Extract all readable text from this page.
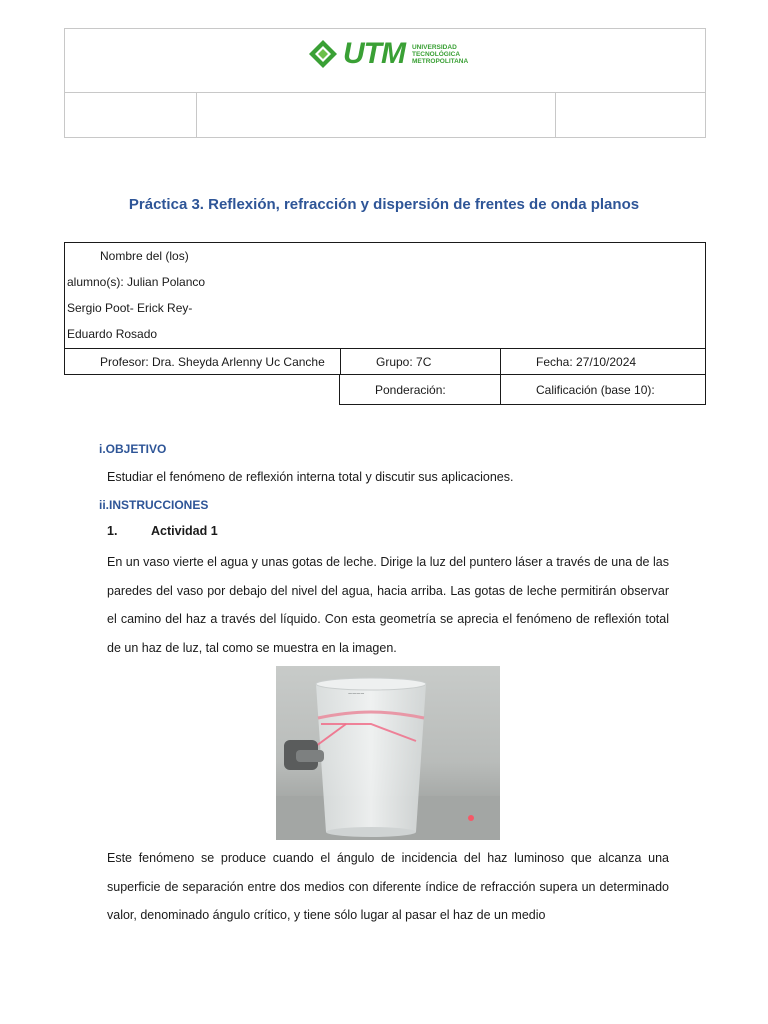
UTM UNIVERSIDAD
TECNOLÓGICA
METROPOLITANA
Práctica 3. Reflexión, refracción y dispersión de frentes de onda planos
Nombre del (los)
alumno(s): Julian Polanco
Sergio Poot- Erick Rey-
Eduardo Rosado
Profesor: Dra. Sheyda Arlenny Uc Canche	Grupo: 7C	Fecha: 27/10/2024
Ponderación:	Calificación (base 10):
i.OBJETIVO
Estudiar el fenómeno de reflexión interna total y discutir sus aplicaciones.
ii.INSTRUCCIONES
1.	Actividad 1
En un vaso vierte el agua y unas gotas de leche. Dirige la luz del puntero láser a través de una de las paredes del vaso por debajo del nivel del agua, hacia arriba. Las gotas de leche permitirán observar el camino del haz a través del líquido. Con esta geometría se aprecia el fenómeno de reflexión total de un haz de luz, tal como se muestra en la imagen.
~~~~
Este fenómeno se produce cuando el ángulo de incidencia del haz luminoso que alcanza una superficie de separación entre dos medios con diferente índice de refracción supera un determinado valor, denominado ángulo crítico, y tiene sólo lugar al pasar el haz de un medio
